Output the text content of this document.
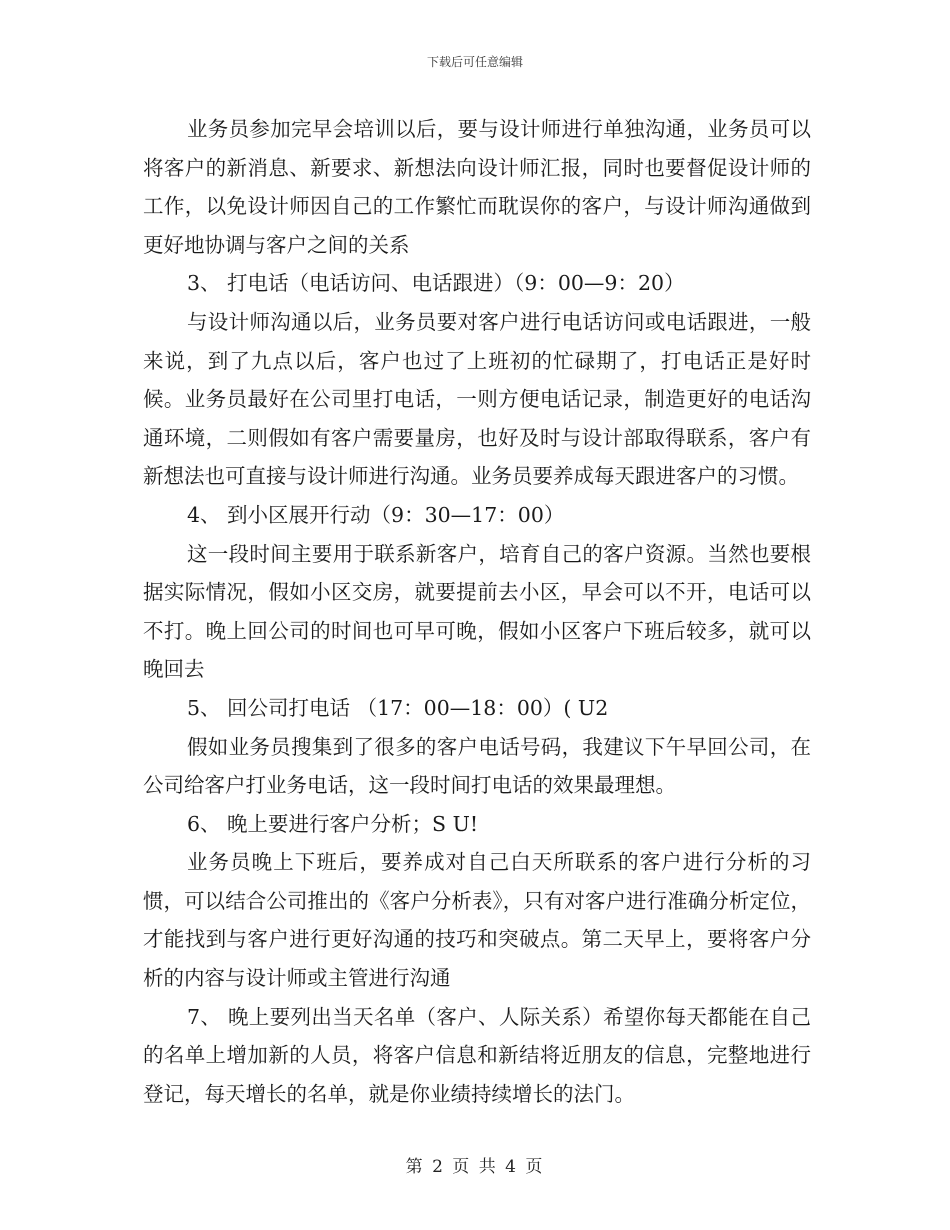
下载后可任意编辑

业务员参加完早会培训以后，要与设计师进行单独沟通，业务员可以将客户的新消息、新要求、新想法向设计师汇报，同时也要督促设计师的工作，以免设计师因自己的工作繁忙而耽误你的客户，与设计师沟通做到更好地协调与客户之间的关系

3、 打电话（电话访问、电话跟进）（9：00—9：20）

与设计师沟通以后，业务员要对客户进行电话访问或电话跟进，一般来说，到了九点以后，客户也过了上班初的忙碌期了，打电话正是好时候。业务员最好在公司里打电话，一则方便电话记录，制造更好的电话沟通环境，二则假如有客户需要量房，也好及时与设计部取得联系，客户有新想法也可直接与设计师进行沟通。业务员要养成每天跟进客户的习惯。

4、 到小区展开行动（9：30—17：00）

这一段时间主要用于联系新客户，培育自己的客户资源。当然也要根据实际情况，假如小区交房，就要提前去小区，早会可以不开，电话可以不打。晚上回公司的时间也可早可晚，假如小区客户下班后较多，就可以晚回去

5、 回公司打电话 （17：00—18：00）( U2

假如业务员搜集到了很多的客户电话号码，我建议下午早回公司，在公司给客户打业务电话，这一段时间打电话的效果最理想。

6、 晚上要进行客户分析；S U!

业务员晚上下班后，要养成对自己白天所联系的客户进行分析的习惯，可以结合公司推出的《客户分析表》，只有对客户进行准确分析定位，才能找到与客户进行更好沟通的技巧和突破点。第二天早上，要将客户分析的内容与设计师或主管进行沟通

7、 晚上要列出当天名单（客户、人际关系）希望你每天都能在自己的名单上增加新的人员，将客户信息和新结将近朋友的信息，完整地进行登记，每天增长的名单，就是你业绩持续增长的法门。

第 2 页 共 4 页
